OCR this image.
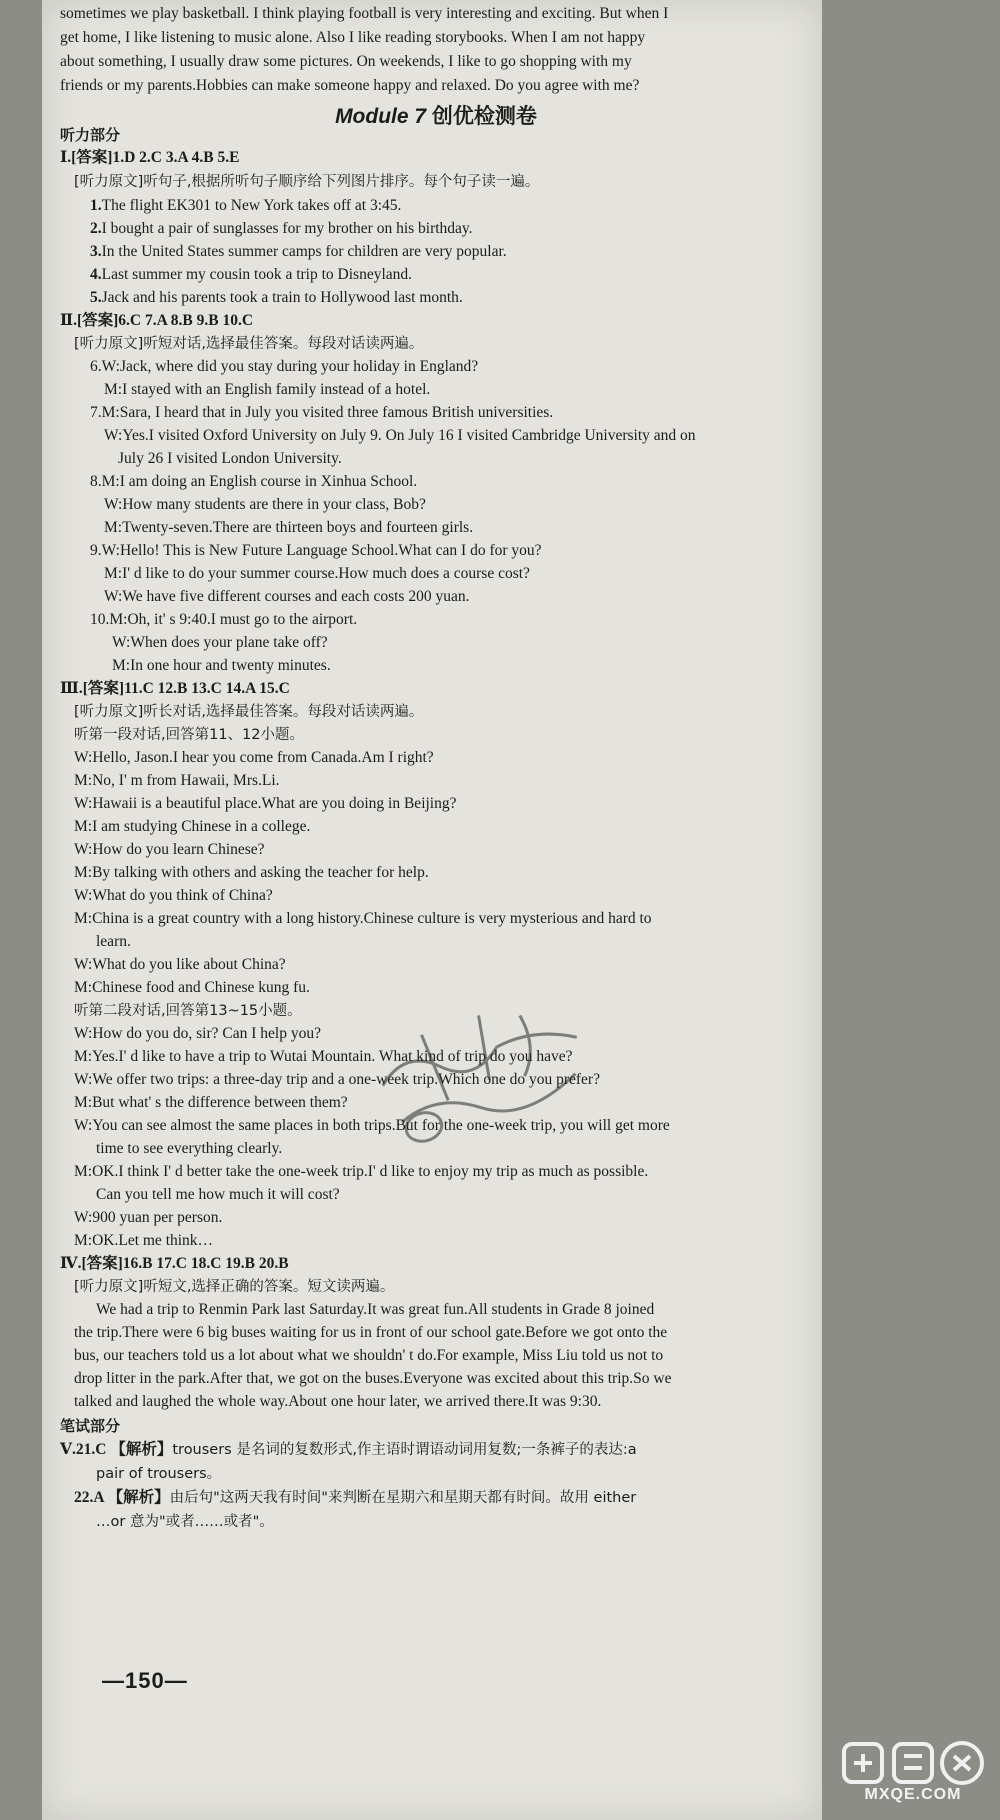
sometimes we play basketball. I think playing football is very interesting and exciting. But when I
get home, I like listening to music alone. Also I like reading storybooks. When I am not happy
about something, I usually draw some pictures. On weekends, I like to go shopping with my
friends or my parents.Hobbies can make someone happy and relaxed. Do you agree with me?
Module 7 创优检测卷
听力部分
Ⅰ.[答案]1.D 2.C 3.A 4.B 5.E
[听力原文]听句子,根据所听句子顺序给下列图片排序。每个句子读一遍。
1.The flight EK301 to New York takes off at 3:45.
2.I bought a pair of sunglasses for my brother on his birthday.
3.In the United States summer camps for children are very popular.
4.Last summer my cousin took a trip to Disneyland.
5.Jack and his parents took a train to Hollywood last month.
Ⅱ.[答案]6.C 7.A 8.B 9.B 10.C
[听力原文]听短对话,选择最佳答案。每段对话读两遍。
6.W:Jack, where did you stay during your holiday in England?
M:I stayed with an English family instead of a hotel.
7.M:Sara, I heard that in July you visited three famous British universities.
W:Yes.I visited Oxford University on July 9. On July 16 I visited Cambridge University and on
July 26 I visited London University.
8.M:I am doing an English course in Xinhua School.
W:How many students are there in your class, Bob?
M:Twenty-seven.There are thirteen boys and fourteen girls.
9.W:Hello! This is New Future Language School.What can I do for you?
M:I' d like to do your summer course.How much does a course cost?
W:We have five different courses and each costs 200 yuan.
10.M:Oh, it' s 9:40.I must go to the airport.
W:When does your plane take off?
M:In one hour and twenty minutes.
Ⅲ.[答案]11.C 12.B 13.C 14.A 15.C
[听力原文]听长对话,选择最佳答案。每段对话读两遍。
听第一段对话,回答第11、12小题。
W:Hello, Jason.I hear you come from Canada.Am I right?
M:No, I' m from Hawaii, Mrs.Li.
W:Hawaii is a beautiful place.What are you doing in Beijing?
M:I am studying Chinese in a college.
W:How do you learn Chinese?
M:By talking with others and asking the teacher for help.
W:What do you think of China?
M:China is a great country with a long history.Chinese culture is very mysterious and hard to
learn.
W:What do you like about China?
M:Chinese food and Chinese kung fu.
听第二段对话,回答第13~15小题。
W:How do you do, sir? Can I help you?
M:Yes.I' d like to have a trip to Wutai Mountain. What kind of trip do you have?
W:We offer two trips: a three-day trip and a one-week trip.Which one do you prefer?
M:But what' s the difference between them?
W:You can see almost the same places in both trips.But for the one-week trip, you will get more
time to see everything clearly.
M:OK.I think I' d better take the one-week trip.I' d like to enjoy my trip as much as possible.
Can you tell me how much it will cost?
W:900 yuan per person.
M:OK.Let me think…
Ⅳ.[答案]16.B 17.C 18.C 19.B 20.B
[听力原文]听短文,选择正确的答案。短文读两遍。
We had a trip to Renmin Park last Saturday.It was great fun.All students in Grade 8 joined
the trip.There were 6 big buses waiting for us in front of our school gate.Before we got onto the
bus, our teachers told us a lot about what we shouldn' t do.For example, Miss Liu told us not to
drop litter in the park.After that, we got on the buses.Everyone was excited about this trip.So we
talked and laughed the whole way.About one hour later, we arrived there.It was 9:30.
笔试部分
Ⅴ.21.C 【解析】trousers 是名词的复数形式,作主语时谓语动词用复数;一条裤子的表达:a
pair of trousers。
22.A 【解析】由后句"这两天我有时间"来判断在星期六和星期天都有时间。故用 either
…or 意为"或者……或者"。
—150—
MXQE.COM
